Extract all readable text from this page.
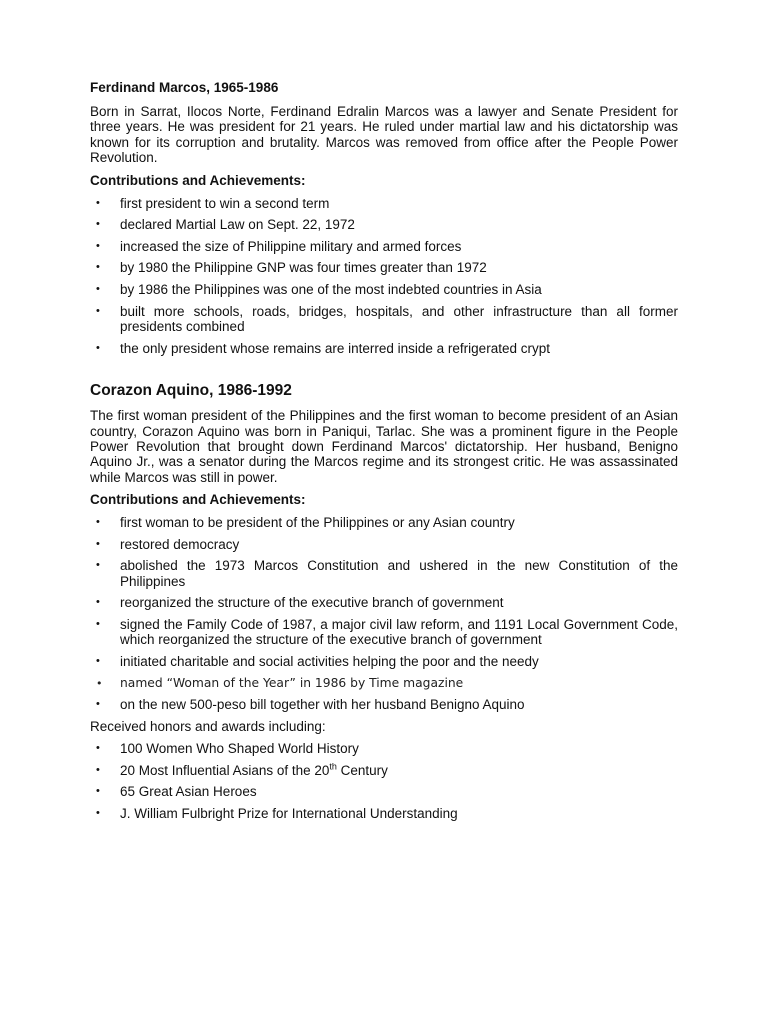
Ferdinand Marcos, 1965-1986

Born in Sarrat, Ilocos Norte, Ferdinand Edralin Marcos was a lawyer and Senate President for three years. He was president for 21 years. He ruled under martial law and his dictatorship was known for its corruption and brutality. Marcos was removed from office after the People Power Revolution.

Contributions and Achievements:
• first president to win a second term
• declared Martial Law on Sept. 22, 1972
• increased the size of Philippine military and armed forces
• by 1980 the Philippine GNP was four times greater than 1972
• by 1986 the Philippines was one of the most indebted countries in Asia
• built more schools, roads, bridges, hospitals, and other infrastructure than all former presidents combined
• the only president whose remains are interred inside a refrigerated crypt
Corazon Aquino, 1986-1992

The first woman president of the Philippines and the first woman to become president of an Asian country, Corazon Aquino was born in Paniqui, Tarlac. She was a prominent figure in the People Power Revolution that brought down Ferdinand Marcos' dictatorship. Her husband, Benigno Aquino Jr., was a senator during the Marcos regime and its strongest critic. He was assassinated while Marcos was still in power.

Contributions and Achievements:
• first woman to be president of the Philippines or any Asian country
• restored democracy
• abolished the 1973 Marcos Constitution and ushered in the new Constitution of the Philippines
• reorganized the structure of the executive branch of government
• signed the Family Code of 1987, a major civil law reform, and 1191 Local Government Code, which reorganized the structure of the executive branch of government
• initiated charitable and social activities helping the poor and the needy
• named “Woman of the Year” in 1986 by Time magazine
• on the new 500-peso bill together with her husband Benigno Aquino

Received honors and awards including:

• 100 Women Who Shaped World History
• 20 Most Influential Asians of the 20th Century
• 65 Great Asian Heroes
• J. William Fulbright Prize for International Understanding
